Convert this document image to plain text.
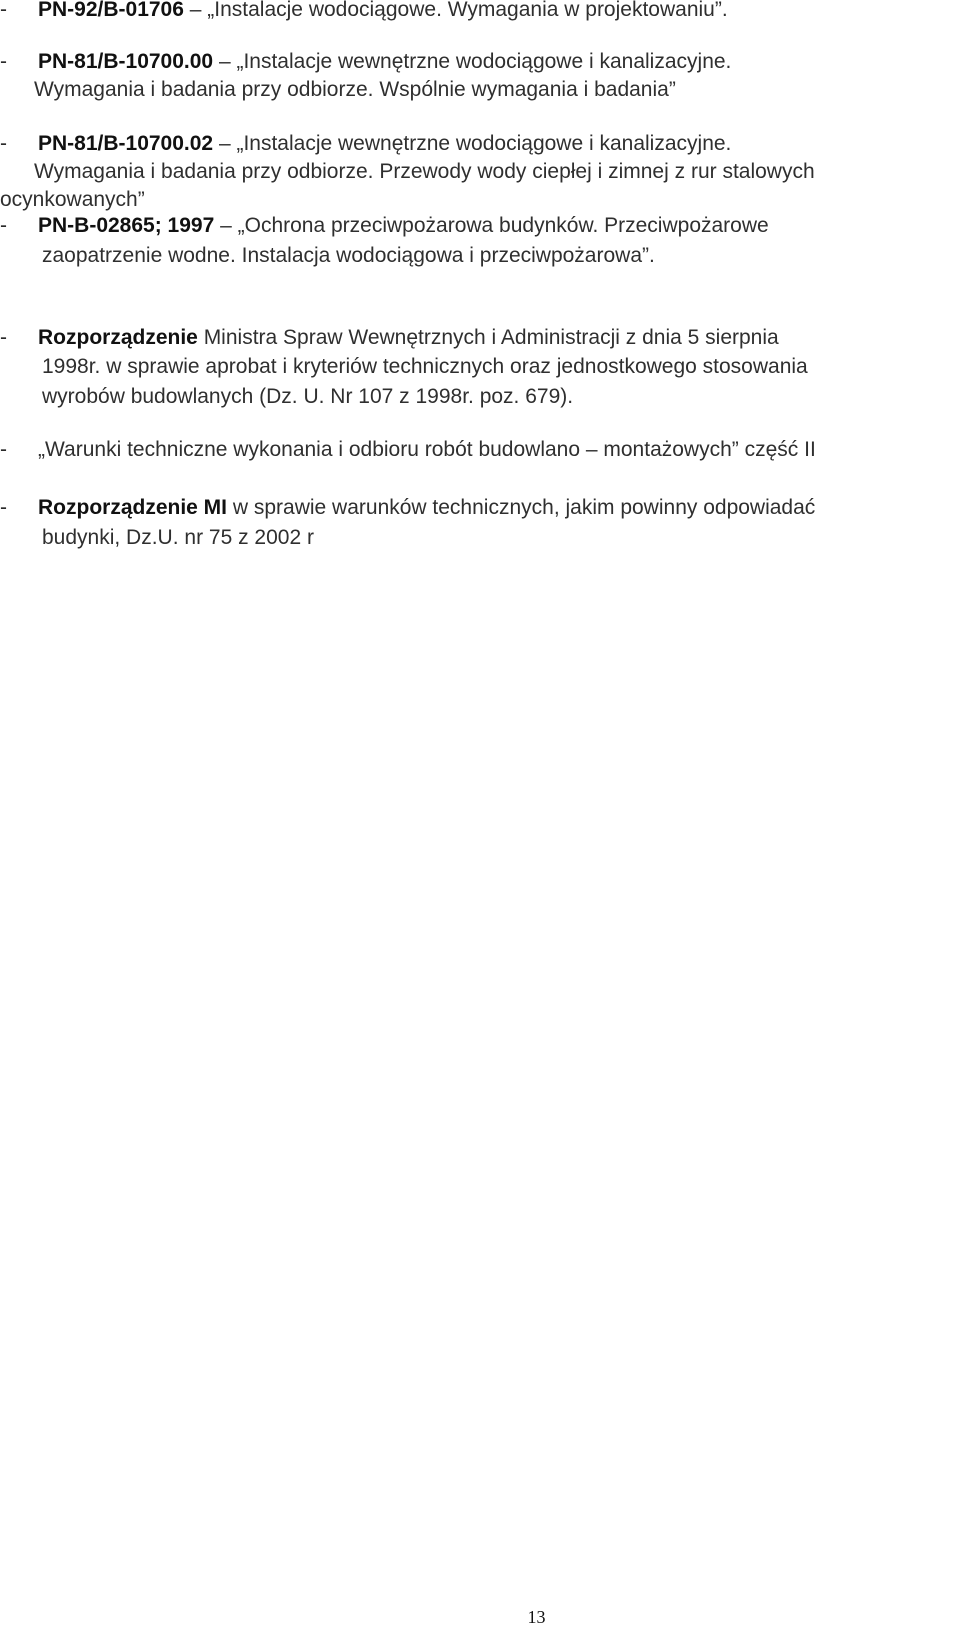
- PN-92/B-01706 – „Instalacje wodociągowe. Wymagania w projektowaniu”.
- PN-81/B-10700.00 – „Instalacje wewnętrzne wodociągowe i kanalizacyjne.
Wymagania i badania przy odbiorze. Wspólnie wymagania i badania”
- PN-81/B-10700.02 – „Instalacje wewnętrzne wodociągowe i kanalizacyjne.
Wymagania i badania przy odbiorze. Przewody wody ciepłej i zimnej z rur stalowych
ocynkowanych”
- PN-B-02865; 1997 – „Ochrona przeciwpożarowa budynków. Przeciwpożarowe
zaopatrzenie wodne. Instalacja wodociągowa i przeciwpożarowa”.
- Rozporządzenie Ministra Spraw Wewnętrznych i Administracji z dnia 5 sierpnia
1998r. w sprawie aprobat i kryteriów technicznych oraz jednostkowego stosowania
wyrobów budowlanych (Dz. U. Nr 107 z 1998r. poz. 679).
- „Warunki techniczne wykonania i odbioru robót budowlano – montażowych” część II
- Rozporządzenie MI w sprawie warunków technicznych, jakim powinny odpowiadać
budynki, Dz.U. nr 75 z 2002 r
13
